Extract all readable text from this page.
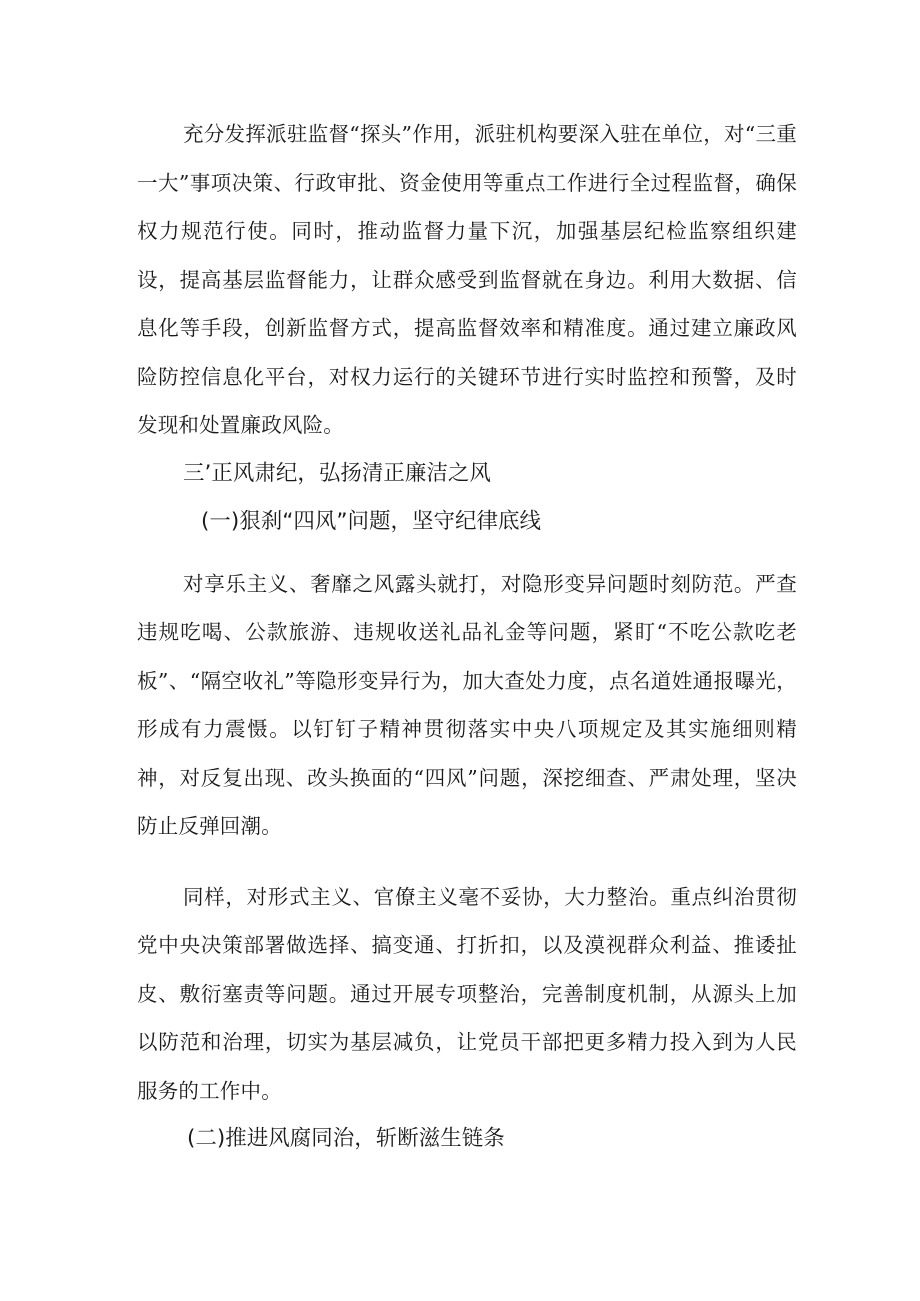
充分发挥派驻监督“探头”作用，派驻机构要深入驻在单位，对“三重一大”事项决策、行政审批、资金使用等重点工作进行全过程监督，确保权力规范行使。同时，推动监督力量下沉，加强基层纪检监察组织建设，提高基层监督能力，让群众感受到监督就在身边。利用大数据、信息化等手段，创新监督方式，提高监督效率和精准度。通过建立廉政风险防控信息化平台，对权力运行的关键环节进行实时监控和预警，及时发现和处置廉政风险。

三’正风肃纪，弘扬清正廉洁之风
(一)狠刹“四风”问题，坚守纪律底线

对享乐主义、奢靡之风露头就打，对隐形变异问题时刻防范。严查违规吃喝、公款旅游、违规收送礼品礼金等问题，紧盯“不吃公款吃老板”、“隔空收礼”等隐形变异行为，加大查处力度，点名道姓通报曝光，形成有力震慑。以钉钉子精神贯彻落实中央八项规定及其实施细则精神，对反复出现、改头换面的“四风”问题，深挖细查、严肃处理，坚决防止反弹回潮。

同样，对形式主义、官僚主义毫不妥协，大力整治。重点纠治贯彻党中央决策部署做选择、搞变通、打折扣，以及漠视群众利益、推诿扯皮、敷衍塞责等问题。通过开展专项整治，完善制度机制，从源头上加以防范和治理，切实为基层减负，让党员干部把更多精力投入到为人民服务的工作中。

(二)推进风腐同治，斩断滋生链条
